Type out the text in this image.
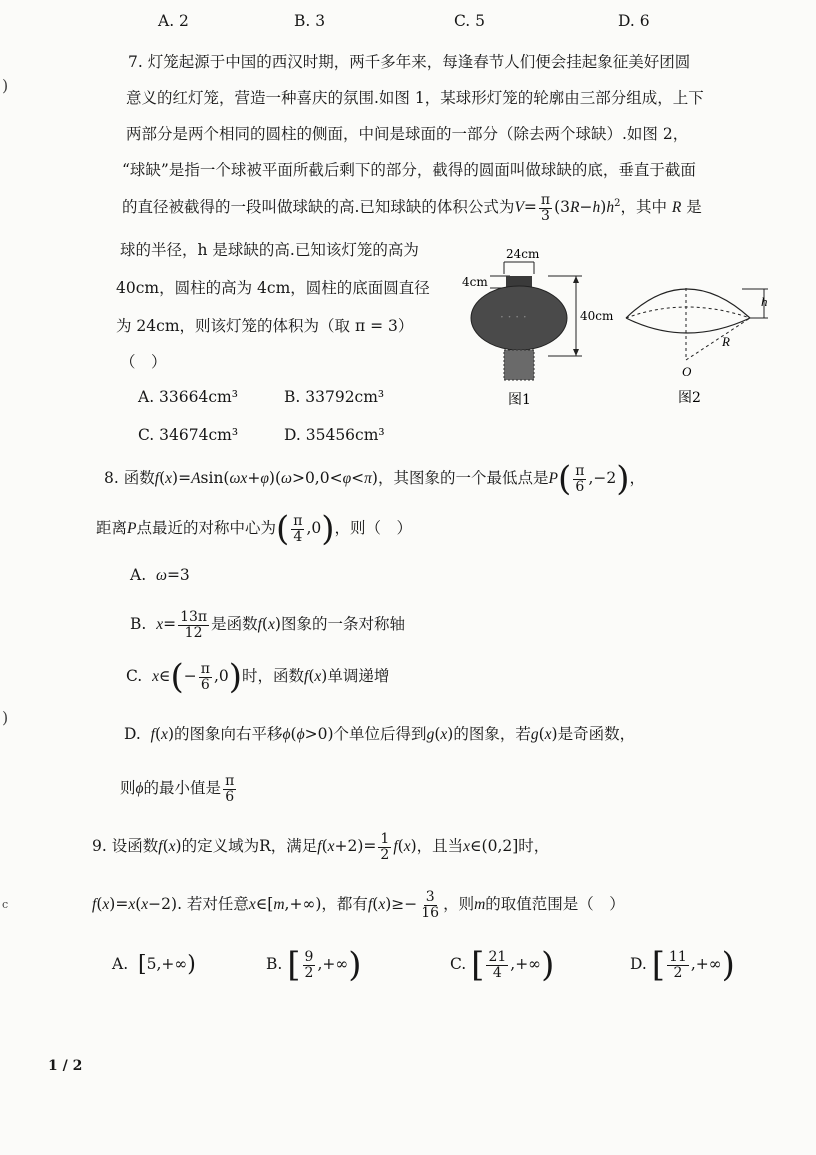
)
)
c
A. 2	B. 3	C. 5	D. 6
7. 灯笼起源于中国的西汉时期，两千多年来，每逢春节人们便会挂起象征美好团圆
意义的红灯笼，营造一种喜庆的氛围.如图 1，某球形灯笼的轮廓由三部分组成，上下
两部分是两个相同的圆柱的侧面，中间是球面的一部分（除去两个球缺）.如图 2，
“球缺”是指一个球被平面所截后剩下的部分，截得的圆面叫做球缺的底，垂直于截面
的直径被截得的一段叫做球缺的高.已知球缺的体积公式为$V= \frac{\pi}{3} (3R-h)h^2$，其中 R 是
球的半径，h 是球缺的高.已知该灯笼的高为
40cm，圆柱的高为 4cm，圆柱的底面圆直径
为 24cm，则该灯笼的体积为（取 π = 3）
（　）
A. 33664cm³	B. 33792cm³
C. 34674cm³	D. 35456cm³
24cm
4cm
· · · ·	40cm
图1
h
R
O
图2
8. 函数f(x)=Asin(ωx+φ)(ω>0,0<φ<π)，其图象的一个最低点是$P( \frac{\pi}{6} ,-2)$，
距离P点最近的对称中心为( $\frac{\pi}{4} ,0$)，则（　）
A. ω=3
B. $x= \frac{13\pi}{12}$ 是函数f(x)图象的一条对称轴
C. x∈(− $\frac{\pi}{6} ,0$)时，函数f(x)单调递增
D. f(x)的图象向右平移ϕ(ϕ>0)个单位后得到g(x)的图象，若g(x)是奇函数，
则ϕ的最小值是 $\frac{\pi}{6}$
9. 设函数f(x)的定义域为R，满足$f(x+2)= \frac{1}{2} f(x)$，且当x∈(0,2]时，
f(x)=x(x−2). 若对任意x∈[m,+∞)，都有$f(x)\ge- \frac{3}{16}$ ，则m的取值范围是（　）
A. [5,+∞)	B. [ $\frac{9}{2}$ ,+∞)	C. [ $\frac{21}{4}$ ,+∞)	D. [ $\frac{11}{2}$ ,+∞)
1 / 2
